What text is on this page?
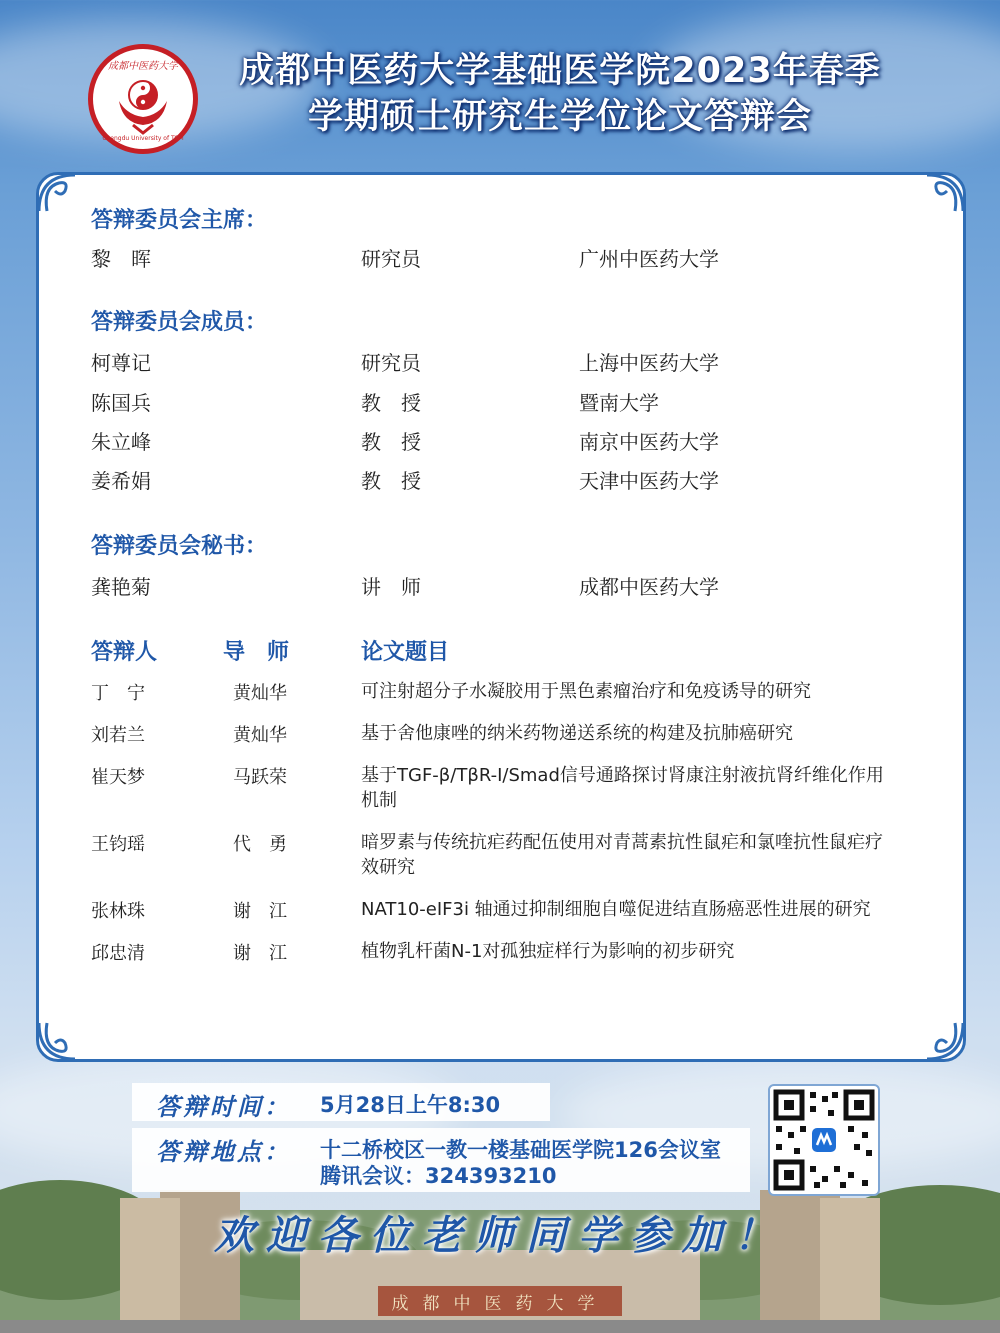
成都中医药大学
Chengdu University of TCM
成都中医药大学基础医学院2023年春季
学期硕士研究生学位论文答辩会
答辩委员会主席：
黎　晖	研究员	广州中医药大学
答辩委员会成员：
柯尊记	研究员	上海中医药大学
陈国兵	教　授	暨南大学
朱立峰	教　授	南京中医药大学
姜希娟	教　授	天津中医药大学
答辩委员会秘书：
龚艳菊	讲　师	成都中医药大学
答辩人	导　师	论文题目
丁　宁	黄灿华	可注射超分子水凝胶用于黑色素瘤治疗和免疫诱导的研究
刘若兰	黄灿华	基于舍他康唑的纳米药物递送系统的构建及抗肺癌研究
崔天梦	马跃荣	基于TGF-β/TβR-Ⅰ/Smad信号通路探讨肾康注射液抗肾纤维化作用机制
王钧瑶	代　勇	暗罗素与传统抗疟药配伍使用对青蒿素抗性鼠疟和氯喹抗性鼠疟疗效研究
张林珠	谢　江	NAT10-eIF3i 轴通过抑制细胞自噬促进结直肠癌恶性进展的研究
邱忠清	谢　江	植物乳杆菌N-1对孤独症样行为影响的初步研究
成都中医药大学
答辩时间： 5月28日上午8:30
答辩地点： 十二桥校区一教一楼基础医学院126会议室
腾讯会议：324393210
欢迎各位老师同学参加！
